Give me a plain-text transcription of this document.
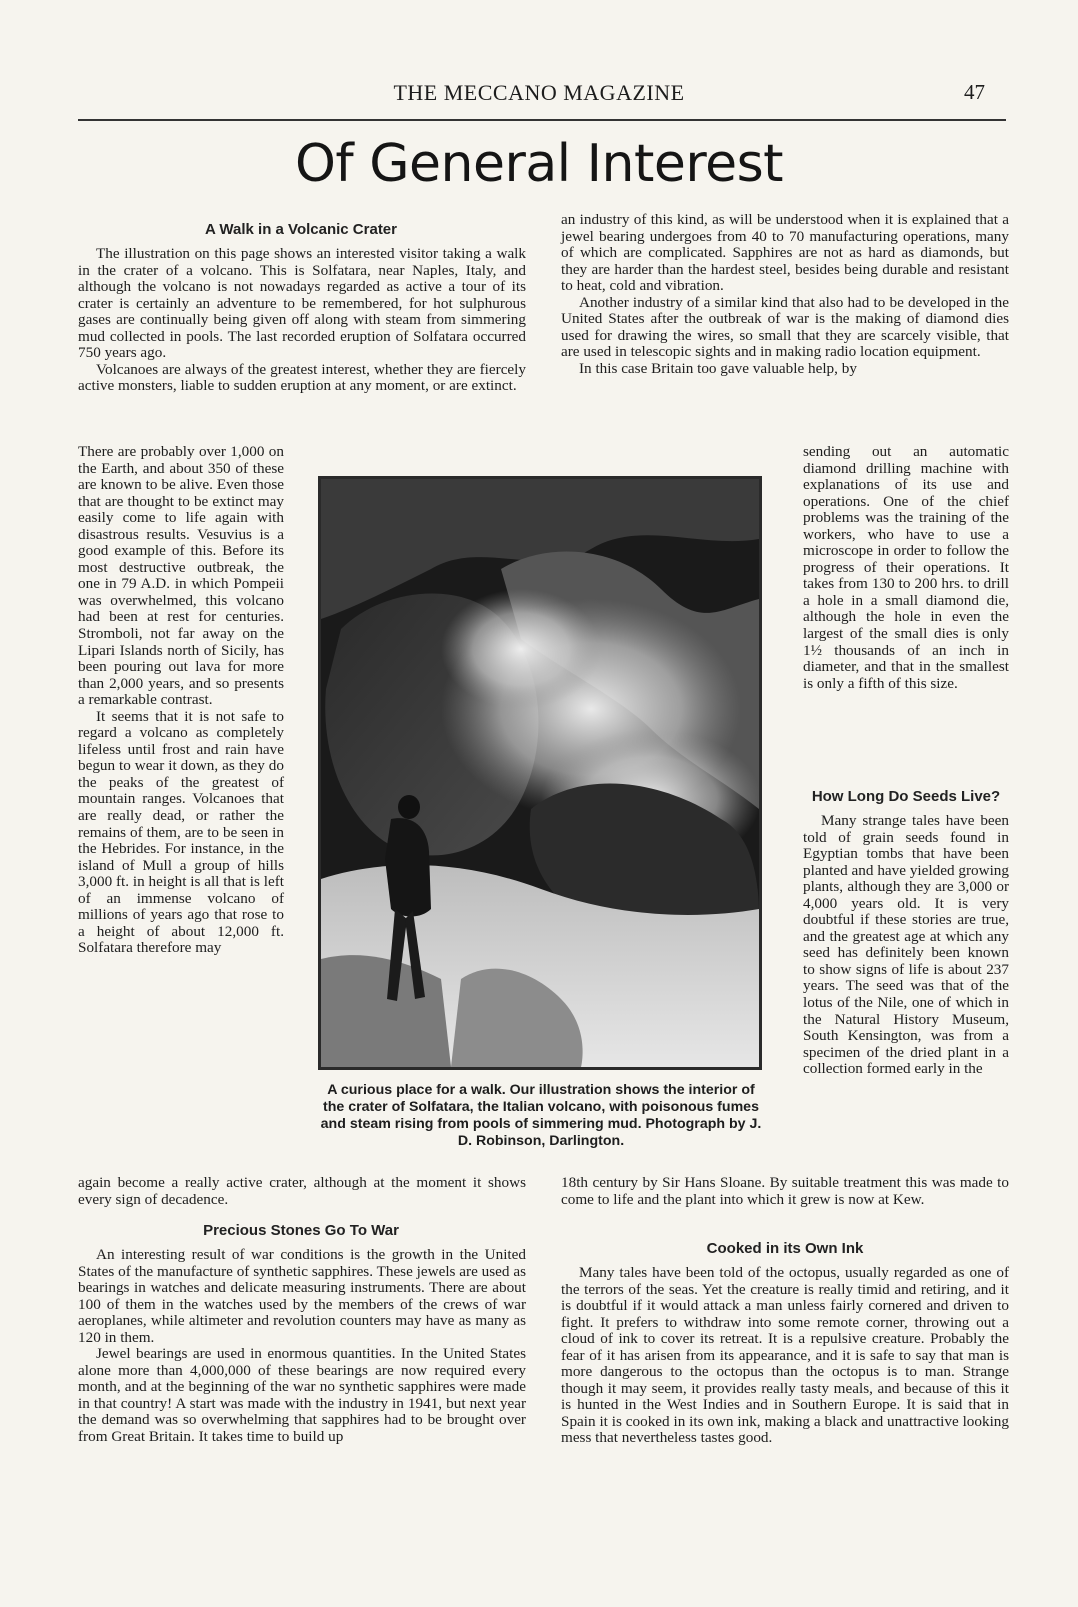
THE MECCANO MAGAZINE	47
Of General Interest
A Walk in a Volcanic Crater

The illustration on this page shows an interested visitor taking a walk in the crater of a volcano. This is Solfatara, near Naples, Italy, and although the volcano is not nowadays regarded as active a tour of its crater is certainly an adventure to be remembered, for hot sulphurous gases are continually being given off along with steam from simmering mud collected in pools. The last recorded eruption of Solfatara occurred 750 years ago.

Volcanoes are always of the greatest interest, whether they are fiercely active monsters, liable to sudden eruption at any moment, or are extinct.

There are probably over 1,000 on the Earth, and about 350 of these are known to be alive. Even those that are thought to be extinct may easily come to life again with disastrous results. Vesuvius is a good example of this. Before its most destructive outbreak, the one in 79 A.D. in which Pompeii was overwhelmed, this volcano had been at rest for centuries. Stromboli, not far away on the Lipari Islands north of Sicily, has been pouring out lava for more than 2,000 years, and so presents a remarkable contrast.

It seems that it is not safe to regard a volcano as completely lifeless until frost and rain have begun to wear it down, as they do the peaks of the greatest of mountain ranges. Volcanoes that are really dead, or rather the remains of them, are to be seen in the Hebrides. For instance, in the island of Mull a group of hills 3,000 ft. in height is all that is left of an immense volcano of millions of years ago that rose to a height of about 12,000 ft. Solfatara therefore may

again become a really active crater, although at the moment it shows every sign of decadence.

Precious Stones Go To War

An interesting result of war conditions is the growth in the United States of the manufacture of synthetic sapphires. These jewels are used as bearings in watches and delicate measuring instruments. There are about 100 of them in the watches used by the members of the crews of war aeroplanes, while altimeter and revolution counters may have as many as 120 in them.

Jewel bearings are used in enormous quantities. In the United States alone more than 4,000,000 of these bearings are now required every month, and at the beginning of the war no synthetic sapphires were made in that country! A start was made with the industry in 1941, but next year the demand was so overwhelming that sapphires had to be brought over from Great Britain. It takes time to build up

an industry of this kind, as will be understood when it is explained that a jewel bearing undergoes from 40 to 70 manufacturing operations, many of which are complicated. Sapphires are not as hard as diamonds, but they are harder than the hardest steel, besides being durable and resistant to heat, cold and vibration.

Another industry of a similar kind that also had to be developed in the United States after the outbreak of war is the making of diamond dies used for drawing the wires, so small that they are scarcely visible, that are used in telescopic sights and in making radio location equipment.

In this case Britain too gave valuable help, by

sending out an automatic diamond drilling machine with explanations of its use and operations. One of the chief problems was the training of the workers, who have to use a microscope in order to follow the progress of their operations. It takes from 130 to 200 hrs. to drill a hole in a small diamond die, although the hole in even the largest of the small dies is only 1½ thousands of an inch in diameter, and that in the smallest is only a fifth of this size.

How Long Do Seeds Live?

Many strange tales have been told of grain seeds found in Egyptian tombs that have been planted and have yielded growing plants, although they are 3,000 or 4,000 years old. It is very doubtful if these stories are true, and the greatest age at which any seed has definitely been known to show signs of life is about 237 years. The seed was that of the lotus of the Nile, one of which in the Natural History Museum, South Kensington, was from a specimen of the dried plant in a collection formed early in the

18th century by Sir Hans Sloane. By suitable treatment this was made to come to life and the plant into which it grew is now at Kew.

Cooked in its Own Ink

Many tales have been told of the octopus, usually regarded as one of the terrors of the seas. Yet the creature is really timid and retiring, and it is doubtful if it would attack a man unless fairly cornered and driven to fight. It prefers to withdraw into some remote corner, throwing out a cloud of ink to cover its retreat. It is a repulsive creature. Probably the fear of it has arisen from its appearance, and it is safe to say that man is more dangerous to the octopus than the octopus is to man. Strange though it may seem, it provides really tasty meals, and because of this it is hunted in the West Indies and in Southern Europe. It is said that in Spain it is cooked in its own ink, making a black and unattractive looking mess that nevertheless tastes good.

A curious place for a walk. Our illustration shows the interior of the crater of Solfatara, the Italian volcano, with poisonous fumes and steam rising from pools of simmering mud. Photograph by J. D. Robinson, Darlington.
